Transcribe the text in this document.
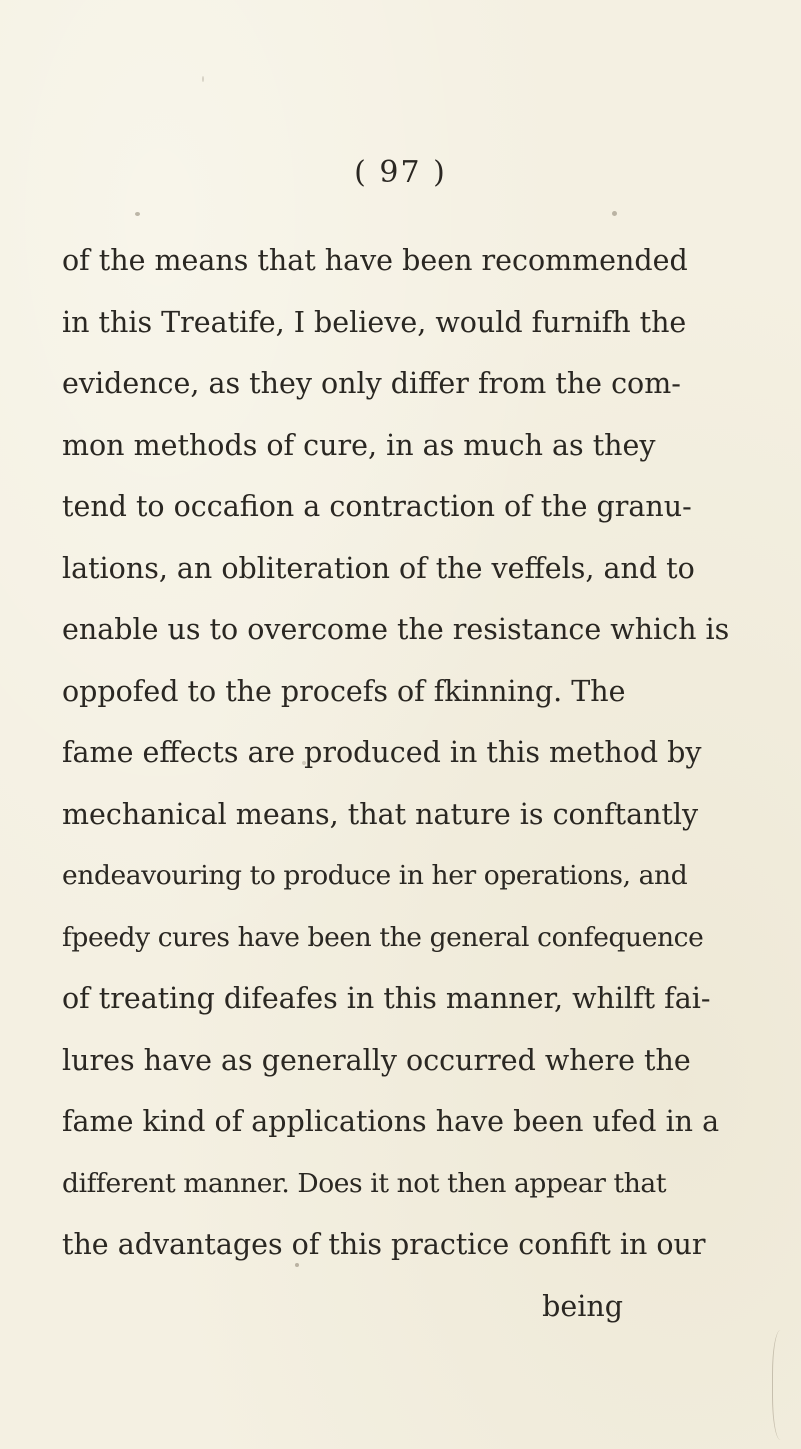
( 97 )
of the means that have been recommended
in this Treatife, I believe, would furnifh the
evidence, as they only differ from the com-
mon methods of cure, in as much as they
tend to occafion a contraction of the granu-
lations, an obliteration of the veffels, and to
enable us to overcome the resistance which is
oppofed to the procefs of fkinning. The
fame effects are produced in this method by
mechanical means, that nature is conftantly
endeavouring to produce in her operations, and
fpeedy cures have been the general confequence
of treating difeafes in this manner, whilft fai-
lures have as generally occurred where the
fame kind of applications have been ufed in a
different manner. Does it not then appear that
the advantages of this practice confift in our
being
